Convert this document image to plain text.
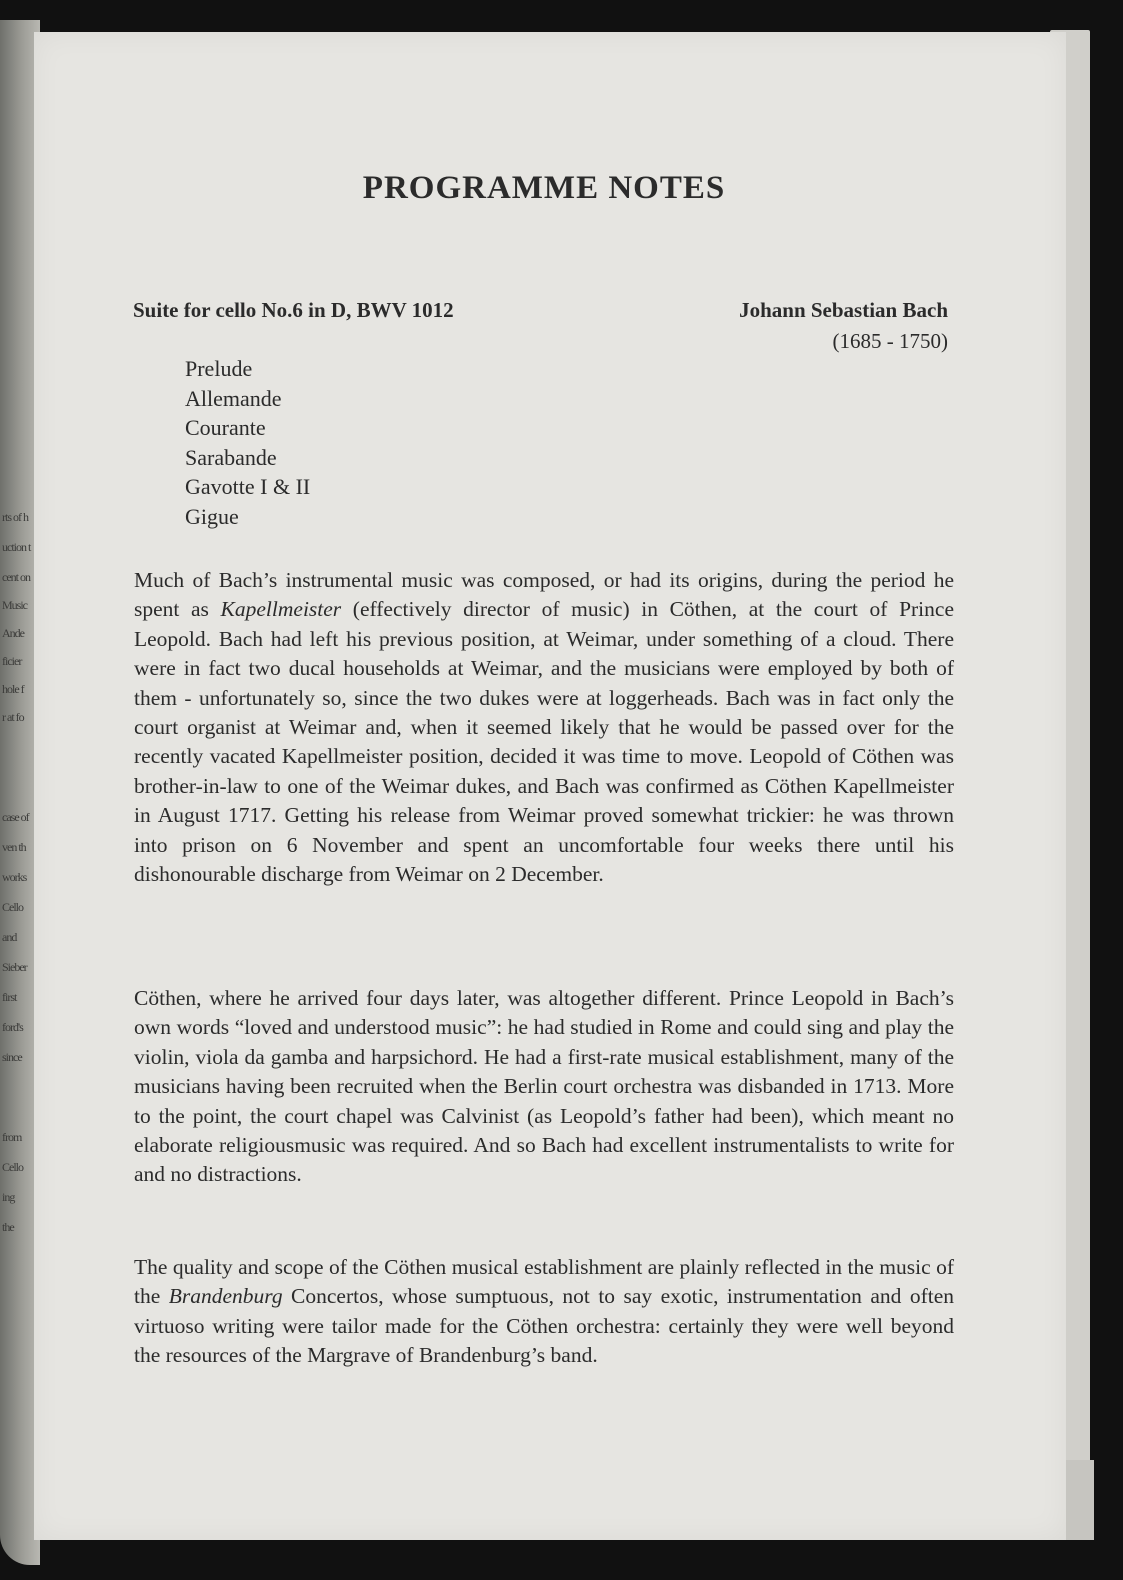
rts of h
uction t
cent on
Music
Ande
ficier
hole f
r at fo
case of
ven th
works
Cello
and
Sieber
first
ford's
since
from
Cello
ing
the
PROGRAMME NOTES
Suite for cello No.6 in D, BWV 1012	Johann Sebastian Bach
(1685 - 1750)
Prelude
Allemande
Courante
Sarabande
Gavotte I & II
Gigue

Much of Bach’s instrumental music was composed, or had its origins, during the period he spent as Kapellmeister (effectively director of music) in Cöthen, at the court of Prince Leopold. Bach had left his previous position, at Weimar, under something of a cloud. There were in fact two ducal households at Weimar, and the musicians were employed by both of them - unfortunately so, since the two dukes were at loggerheads. Bach was in fact only the court organist at Weimar and, when it seemed likely that he would be passed over for the recently vacated Kapellmeister position, decided it was time to move. Leopold of Cöthen was brother-in-law to one of the Weimar dukes, and Bach was confirmed as Cöthen Kapellmeister in August 1717. Getting his release from Weimar proved somewhat trickier: he was thrown into prison on 6 November and spent an uncomfortable four weeks there until his dishonourable discharge from Weimar on 2 December.

Cöthen, where he arrived four days later, was altogether different. Prince Leopold in Bach’s own words “loved and understood music”: he had studied in Rome and could sing and play the violin, viola da gamba and harpsichord. He had a first-rate musical establishment, many of the musicians having been recruited when the Berlin court orchestra was disbanded in 1713. More to the point, the court chapel was Calvinist (as Leopold’s father had been), which meant no elaborate religiousmusic was required. And so Bach had excellent instrumentalists to write for and no distractions.

The quality and scope of the Cöthen musical establishment are plainly reflected in the music of the Brandenburg Concertos, whose sumptuous, not to say exotic, instrumentation and often virtuoso writing were tailor made for the Cöthen orchestra: certainly they were well beyond the resources of the Margrave of Brandenburg’s band.
